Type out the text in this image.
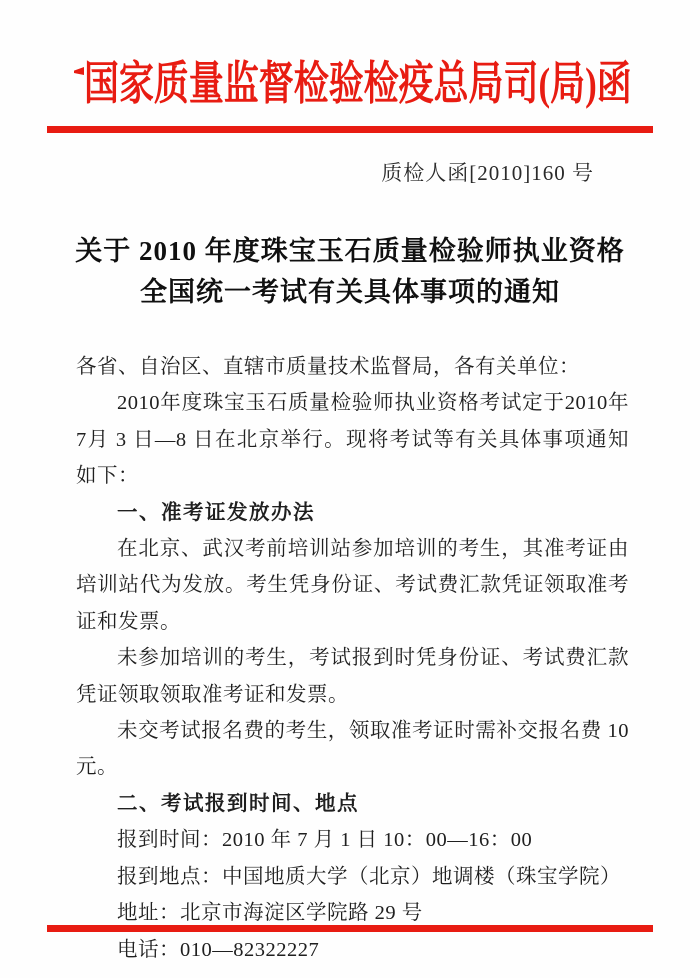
国家质量监督检验检疫总局司(局)函
质检人函[2010]160 号
关于 2010 年度珠宝玉石质量检验师执业资格
全国统一考试有关具体事项的通知

各省、自治区、直辖市质量技术监督局，各有关单位：

2010年度珠宝玉石质量检验师执业资格考试定于2010年7月 3 日—8 日在北京举行。现将考试等有关具体事项通知如下：

一、准考证发放办法

在北京、武汉考前培训站参加培训的考生，其准考证由培训站代为发放。考生凭身份证、考试费汇款凭证领取准考证和发票。

未参加培训的考生，考试报到时凭身份证、考试费汇款凭证领取领取准考证和发票。

未交考试报名费的考生，领取准考证时需补交报名费 10 元。

二、考试报到时间、地点

报到时间：2010 年 7 月 1 日 10：00—16：00

报到地点：中国地质大学（北京）地调楼（珠宝学院）

地址：北京市海淀区学院路 29 号

电话：010—82322227
